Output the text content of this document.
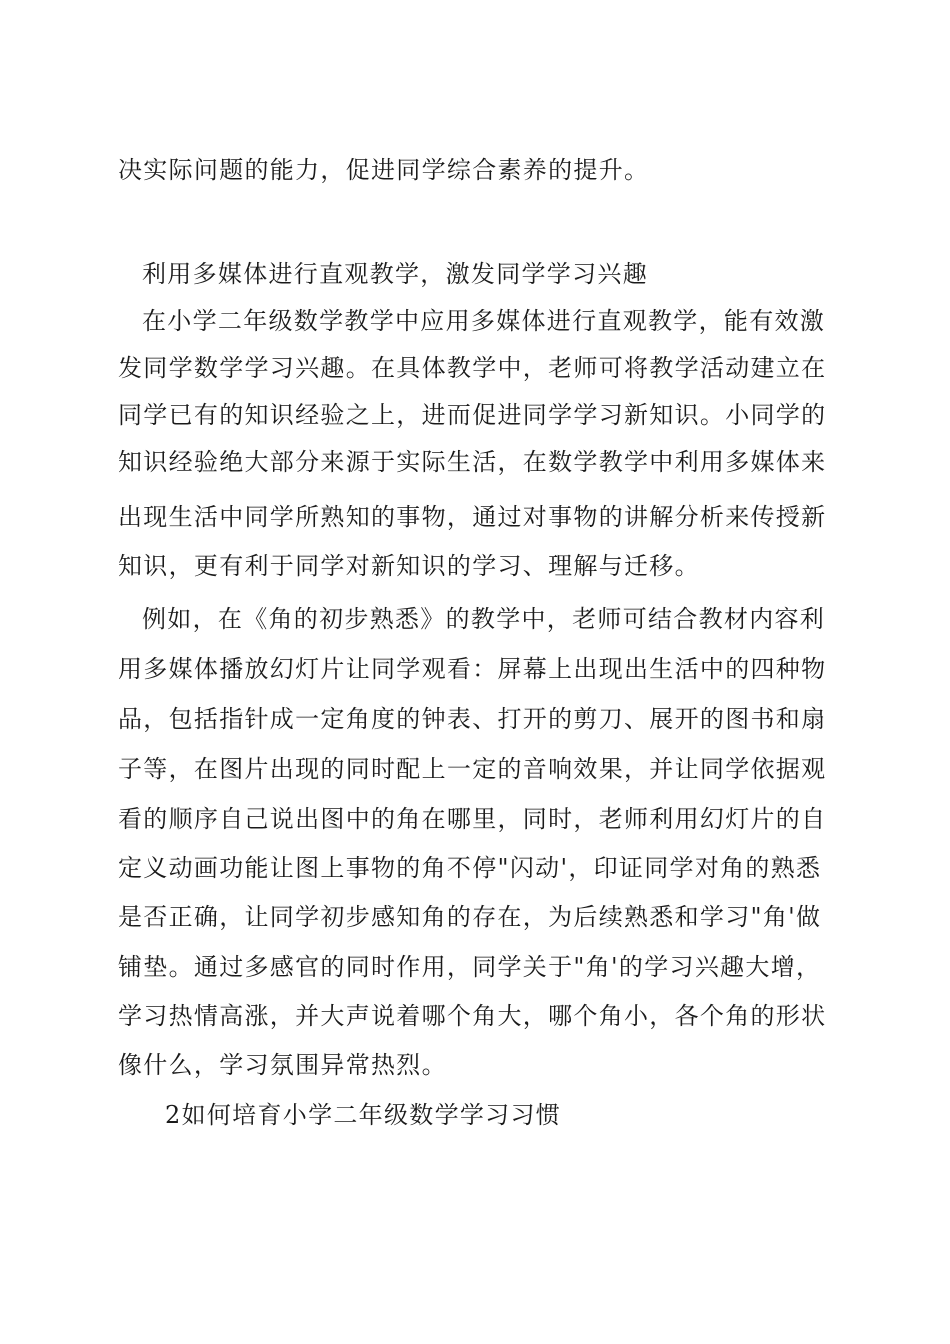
决实际问题的能力，促进同学综合素养的提升。
利用多媒体进行直观教学，激发同学学习兴趣
在小学二年级数学教学中应用多媒体进行直观教学，能有效激
发同学数学学习兴趣。在具体教学中，老师可将教学活动建立在
同学已有的知识经验之上，进而促进同学学习新知识。小同学的
知识经验绝大部分来源于实际生活，在数学教学中利用多媒体来
出现生活中同学所熟知的事物，通过对事物的讲解分析来传授新
知识，更有利于同学对新知识的学习、理解与迁移。
例如，在《角的初步熟悉》的教学中，老师可结合教材内容利
用多媒体播放幻灯片让同学观看：屏幕上出现出生活中的四种物
品，包括指针成一定角度的钟表、打开的剪刀、展开的图书和扇
子等，在图片出现的同时配上一定的音响效果，并让同学依据观
看的顺序自己说出图中的角在哪里，同时，老师利用幻灯片的自
定义动画功能让图上事物的角不停"闪动'，印证同学对角的熟悉
是否正确，让同学初步感知角的存在，为后续熟悉和学习"角'做
铺垫。通过多感官的同时作用，同学关于"角'的学习兴趣大增，
学习热情高涨，并大声说着哪个角大，哪个角小，各个角的形状
像什么，学习氛围异常热烈。
2如何培育小学二年级数学学习习惯
